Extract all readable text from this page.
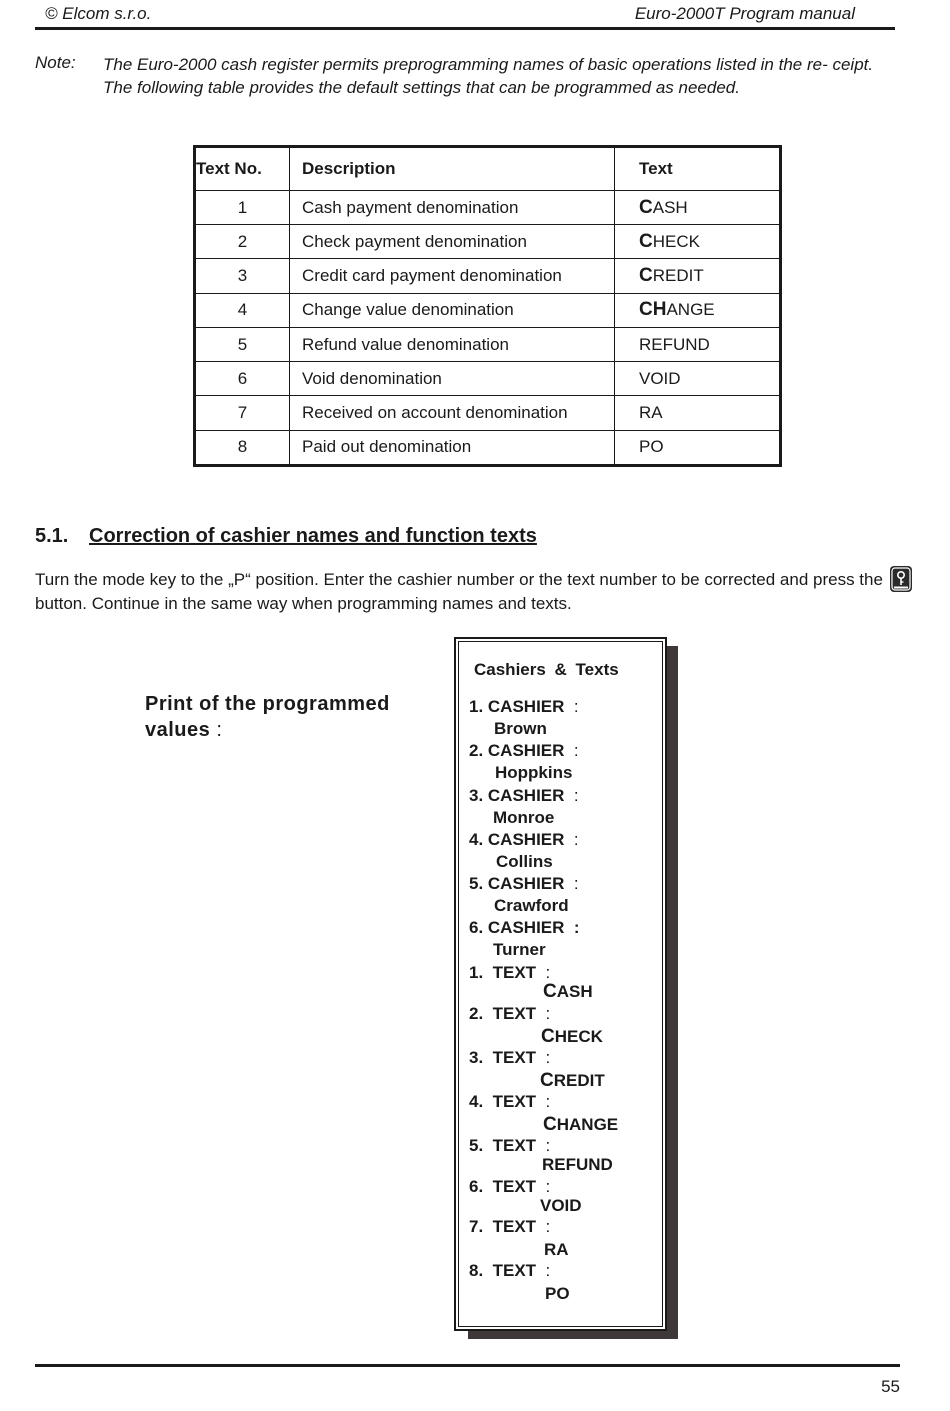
© Elcom s.r.o.	Euro-2000T Program manual
Note: The Euro-2000 cash register permits preprogramming names of basic operations listed in the re- ceipt. The following table provides the default settings that can be programmed as needed.
Text No.	Description	Text
1	Cash payment denomination	CASH
2	Check payment denomination	CHECK
3	Credit card payment denomination	CREDIT
4	Change value denomination	CHANGE
5	Refund value denomination	REFUND
6	Void denomination	VOID
7	Received on account denomination	RA
8	Paid out denomination	PO
5.1. Correction of cashier names and function texts
Turn the mode key to the „P“ position. Enter the cashier number or the text number to be corrected and press the
button. Continue in the same way when programming names and texts.
Print of the programmed values :
Cashiers & Texts
1. CASHIER :
Brown
2. CASHIER :
Hoppkins
3. CASHIER :
Monroe
4. CASHIER :
Collins
5. CASHIER :
Crawford
6. CASHIER :
Turner
1.  TEXT :
CASH
2.  TEXT :
CHECK
3.  TEXT :
CREDIT
4.  TEXT :
CHANGE
5.  TEXT :
REFUND
6.  TEXT :
VOID
7.  TEXT :
RA
8.  TEXT :
PO
55
